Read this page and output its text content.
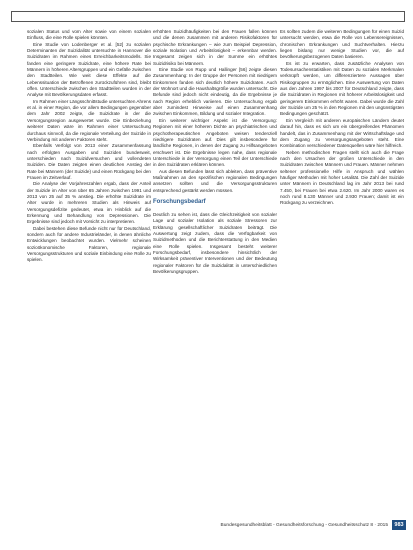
sozialen Status und vom Alter sowie von einem sozialen Einfluss, die eine Rolle spielen könnten.

Eine Studie von Lodenberger et al. [52] zu sozialen Determinanten der Suizidalität untersuchte in Hannover die Suizidraten im Rahmen eines Erreichbarkeitsmodells. Sie fanden eine geringere Suizidrate, eine höhere Rate bei Männern in höheren Altersgruppen und ein Gefälle zwischen den Stadtteilen. Wie weit diese Effekte auf die Lebenssituation der Betroffenen zurückzuführen sind, bleibt offen. Unterschiede zwischen den Stadtteilen wurden in der Analyse mit Bevölkerungsdaten erfasst.

Im Rahmen einer Längsschnittstudie untersuchten Ahrens et al. in einer Region, die vor allem Bedingungen gegenüber dem Jahr 2002 zeigte, die Suizidrate in der die Versorgungsregion ausgewertet wurde. Die Einbeziehung weiterer Daten wäre im Rahmen einer Untersuchung durchaus sinnvoll, da die regionale Verteilung der Suizide in Verbindung mit anderen Faktoren steht.

Ebenfalls Verfolgt von 2013 einer Zusammenfassung nach erfolgten Ausgaben und Suiziden bundesweit, unterschieden nach Suizidversuchen und vollendeten Suiziden. Die Daten zeigten einen deutlichen Anstieg der Rate bei Männern (der Suizide) und einen Rückgang bei den Frauen im Zeitverlauf.

Die Analyse der Vorjahreszahlen ergab, dass der Anteil der Suizide im Alter von über 65 Jahren zwischen 1991 und 2013 von 25 auf 35 % anstieg. Die erhöhte Suizidrate im Alter wurde in mehreren Studien als Hinweis auf Versorgungsdefizite gedeutet, etwa im Hinblick auf die Erkennung und Behandlung von Depressionen. Die Ergebnisse sind jedoch mit Vorsicht zu interpretieren.

Dabei bestehen diese Befunde nicht nur für Deutschland, sondern auch für andere Industrieländer, in denen ähnliche Entwicklungen beobachtet wurden. Vielmehr scheinen sozioökonomische Faktoren, regionale Versorgungsstrukturen und soziale Einbindung eine Rolle zu spielen.

erhöhten Suizidhäufigkeiten bei den Frauen fallen können und die denen zusammen mit anderen Risikofaktoren für psychische Erkrankungen – wie zum Beispiel Depression, soziale Isolation und Arbeitslosigkeit – erkennbar werden. Insgesamt zeigen sich in der Summe ein erhöhtes Suizidrisiko bei Männern.

Eine Studie von Rupp und Hallinger [56] zeigte diesen Zusammenhang: In der Gruppe der Personen mit niedrigem Einkommen fanden sich deutlich höhere Suizidraten. Auch der Wohnort und die Haushaltsgröße wurden untersucht. Die Befunde sind jedoch nicht eindeutig, da die Ergebnisse je nach Region erheblich variieren. Die Untersuchung ergab aber zumindest Hinweise auf einen Zusammenhang zwischen Einkommen, Bildung und sozialer Integration.

Ein weiterer wichtiger Aspekt ist die Versorgung: Regionen mit einer höheren Dichte an psychiatrischen und psychotherapeutischen Angeboten weisen tendenziell niedrigere Suizidraten auf. Dies gilt insbesondere für ländliche Regionen, in denen der Zugang zu Hilfsangeboten erschwert ist. Die Ergebnisse legen nahe, dass regionale Unterschiede in der Versorgung einen Teil der Unterschiede in den Suizidraten erklären können.

Aus diesen Befunden lässt sich ableiten, dass präventive Maßnahmen an den spezifischen regionalen Bedingungen ansetzen sollten und die Versorgungsstrukturen entsprechend gestärkt werden müssen.

Forschungsbedarf

Deutlich zu sehen ist, dass die Gleichzeitigkeit von sozialer Lage und sozialer Isolation als soziale Stressoren zur Erklärung gesellschaftlicher Suizidraten beiträgt. Die Auswertung zeigt zudem, dass die Verfügbarkeit von Suizidmethoden und die Berichterstattung in den Medien eine Rolle spielen. Insgesamt besteht weiterer Forschungsbedarf, insbesondere hinsichtlich der Wirksamkeit präventiver Interventionen und der Bedeutung regionaler Faktoren für die Suizidalität in unterschiedlichen Bevölkerungsgruppen.

Es sollten zudem die weiteren Bedingungen für einen Suizid untersucht werden, etwa die Rolle von Lebensereignissen, chronischen Erkrankungen und Suchtverhalten. Hierzu liegen bislang nur wenige Studien vor, die auf bevölkerungsbezogenen Daten basieren.

Es ist zu erwarten, dass zusätzliche Analysen von Todesursachenstatistiken mit Daten zu sozialen Merkmalen verknüpft werden, um differenziertere Aussagen über Risikogruppen zu ermöglichen. Eine Auswertung von Daten aus den Jahren 1997 bis 2007 für Deutschland zeigte, dass die Suizidraten in Regionen mit höherer Arbeitslosigkeit und geringerem Einkommen erhöht waren. Dabei wurde die Zahl der Suizide um 25 % in den Regionen mit den ungünstigsten Bedingungen geschätzt.

Ein Vergleich mit anderen europäischen Ländern deutet darauf hin, dass es sich um ein übergreifendes Phänomen handelt, das in Zusammenhang mit der Wirtschaftslage und dem Zugang zu Versorgungsangeboten steht. Eine Kombination verschiedener Datenquellen wäre hier hilfreich.

Neben methodischen Fragen stellt sich auch die Frage nach den Ursachen der großen Unterschiede in den Suizidraten zwischen Männern und Frauen. Männer nehmen seltener professionelle Hilfe in Anspruch und wählen häufiger Methoden mit hoher Letalität. Die Zahl der Suizide unter Männern in Deutschland lag im Jahr 2013 bei rund 7.450, bei Frauen bei etwa 2.620. Im Jahr 2000 waren es noch rund 8.130 Männer und 2.930 Frauen; damit ist ein Rückgang zu verzeichnen.

Bundesgesundheitsblatt - Gesundheitsforschung - Gesundheitsschutz 8 · 2015	983
